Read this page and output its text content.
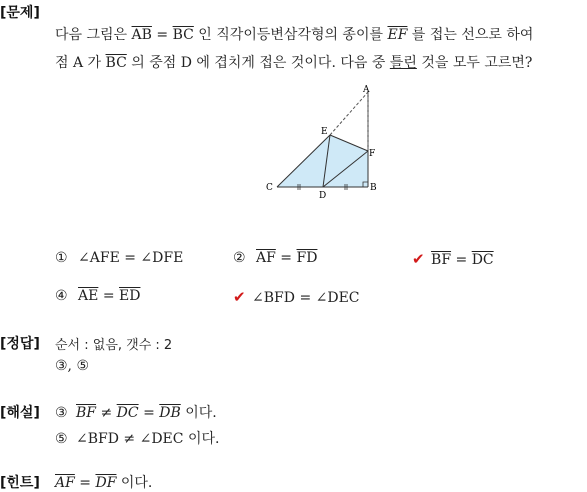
[문제]
[정답]
[해설]
[힌트]
다음 그림은 $\overline{AB} = \overline{BC}$ 인 직각이등변삼각형의 종이를 $\overline{EF}$ 를 접는 선으로 하여
점 A 가 $\overline{BC}$ 의 중점 D 에 겹치게 접은 것이다. 다음 중 틀린 것을 모두 고르면?
A
B
C
D
E
F
① ∠AFE = ∠DFE	② $\overline{AF} = \overline{FD}$	✔ $\overline{BF} = \overline{DC}$
④ $\overline{AE} = \overline{ED}$	✔ ∠BFD = ∠DEC
순서 : 없음, 갯수 : 2
③, ⑤
③ $\overline{BF} \ne \overline{DC} = \overline{DB}$ 이다.
⑤ ∠BFD ≠ ∠DEC 이다.
$\overline{AF} = \overline{DF}$ 이다.
